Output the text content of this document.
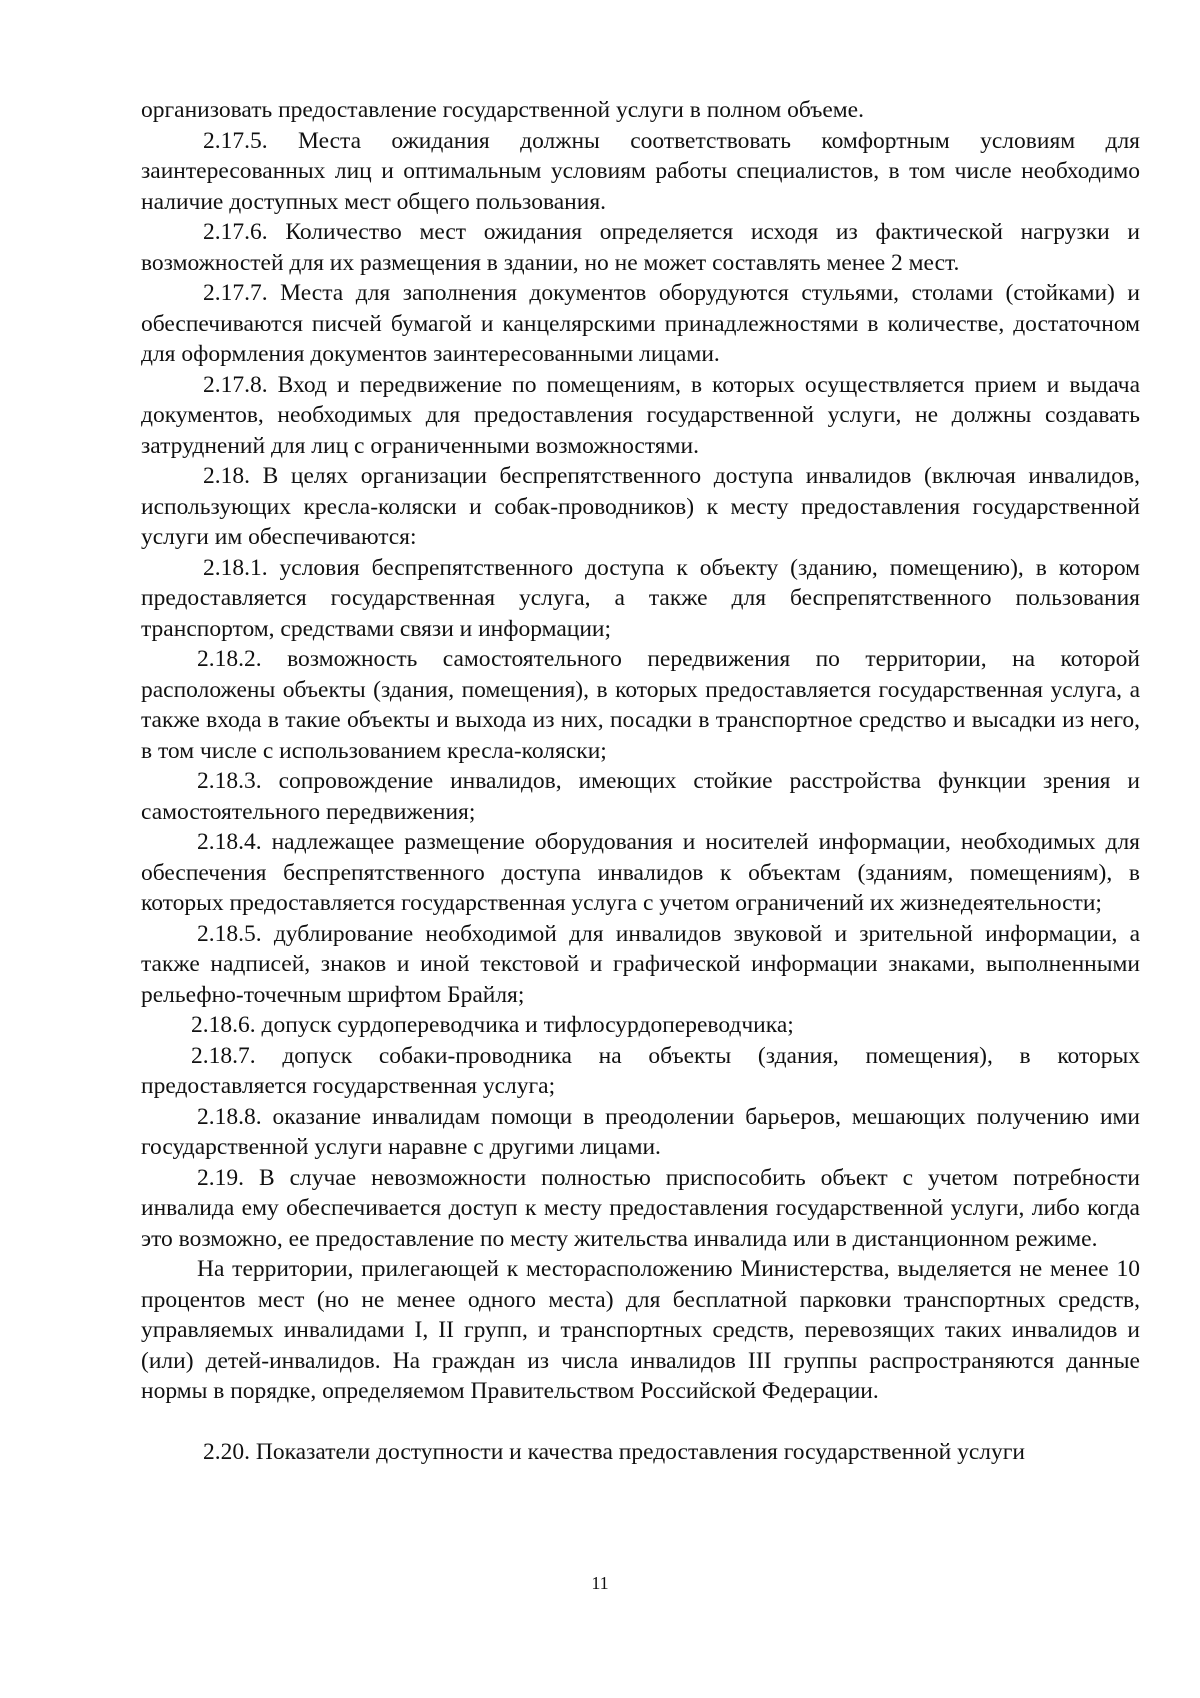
организовать предоставление государственной услуги в полном объеме.

2.17.5. Места ожидания должны соответствовать комфортным условиям для заинтересованных лиц и оптимальным условиям работы специалистов, в том числе необходимо наличие доступных мест общего пользования.

2.17.6. Количество мест ожидания определяется исходя из фактической нагрузки и возможностей для их размещения в здании, но не может составлять менее 2 мест.

2.17.7. Места для заполнения документов оборудуются стульями, столами (стойками) и обеспечиваются писчей бумагой и канцелярскими принадлежностями в количестве, достаточном для оформления документов заинтересованными лицами.

2.17.8. Вход и передвижение по помещениям, в которых осуществляется прием и выдача документов, необходимых для предоставления государственной услуги, не должны создавать затруднений для лиц с ограниченными возможностями.

2.18. В целях организации беспрепятственного доступа инвалидов (включая инвалидов, использующих кресла-коляски и собак-проводников) к месту предоставления государственной услуги им обеспечиваются:

2.18.1. условия беспрепятственного доступа к объекту (зданию, помещению), в котором предоставляется государственная услуга, а также для беспрепятственного пользования транспортом, средствами связи и информации;

2.18.2. возможность самостоятельного передвижения по территории, на которой расположены объекты (здания, помещения), в которых предоставляется государственная услуга, а также входа в такие объекты и выхода из них, посадки в транспортное средство и высадки из него, в том числе с использованием кресла-коляски;

2.18.3. сопровождение инвалидов, имеющих стойкие расстройства функции зрения и самостоятельного передвижения;

2.18.4. надлежащее размещение оборудования и носителей информации, необходимых для обеспечения беспрепятственного доступа инвалидов к объектам (зданиям, помещениям), в которых предоставляется государственная услуга с учетом ограничений их жизнедеятельности;

2.18.5. дублирование необходимой для инвалидов звуковой и зрительной информации, а также надписей, знаков и иной текстовой и графической информации знаками, выполненными рельефно-точечным шрифтом Брайля;

2.18.6. допуск сурдопереводчика и тифлосурдопереводчика;

2.18.7. допуск собаки-проводника на объекты (здания, помещения), в которых предоставляется государственная услуга;

2.18.8. оказание инвалидам помощи в преодолении барьеров, мешающих получению ими государственной услуги наравне с другими лицами.

2.19. В случае невозможности полностью приспособить объект с учетом потребности инвалида ему обеспечивается доступ к месту предоставления государственной услуги, либо когда это возможно, ее предоставление по месту жительства инвалида или в дистанционном режиме.

На территории, прилегающей к месторасположению Министерства, выделяется не менее 10 процентов мест (но не менее одного места) для бесплатной парковки транспортных средств, управляемых инвалидами I, II групп, и транспортных средств, перевозящих таких инвалидов и (или) детей-инвалидов. На граждан из числа инвалидов III группы распространяются данные нормы в порядке, определяемом Правительством Российской Федерации.

2.20. Показатели доступности и качества предоставления государственной услуги

11
